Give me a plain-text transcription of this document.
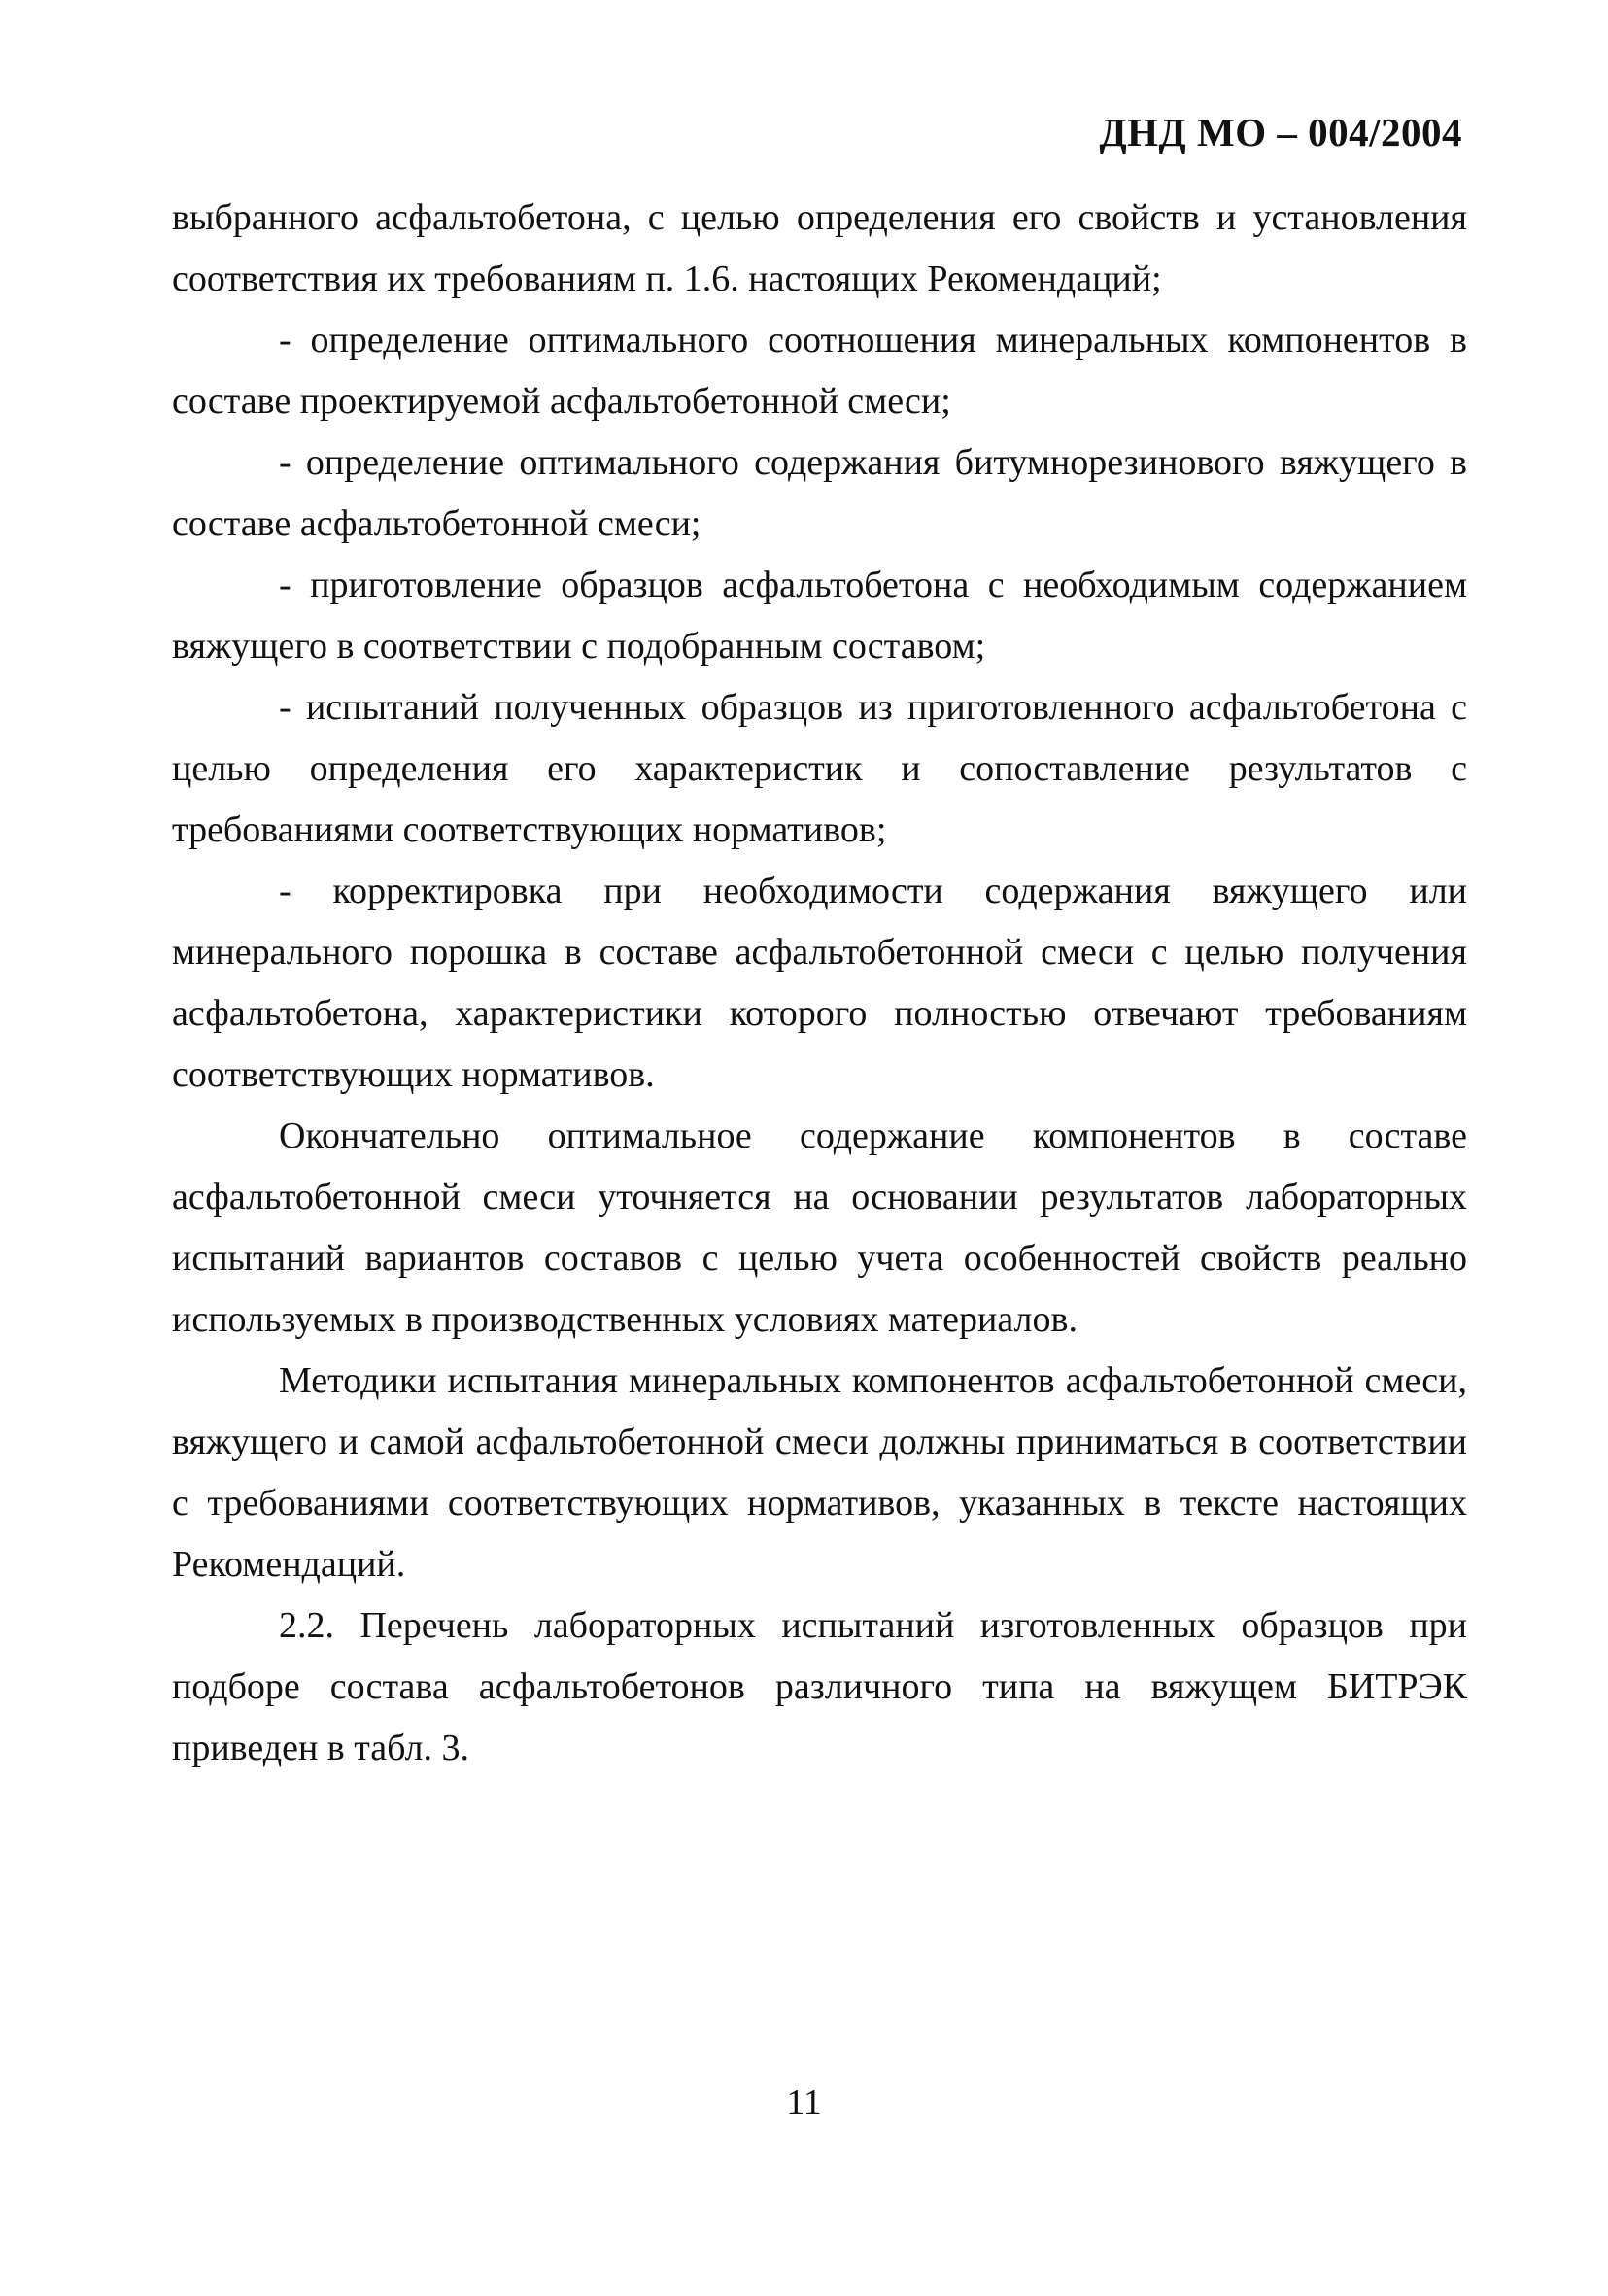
ДНД МО – 004/2004

выбранного асфальтобетона, с целью определения его свойств и установления соответствия их требованиям п. 1.6. настоящих Рекомендаций;

- определение оптимального соотношения минеральных компонентов в составе проектируемой асфальтобетонной смеси;

- определение оптимального содержания битумнорезинового вяжущего в составе асфальтобетонной смеси;

- приготовление образцов асфальтобетона с необходимым содержанием вяжущего в соответствии с подобранным составом;

- испытаний полученных образцов из приготовленного асфальтобетона с целью определения его характеристик и сопоставление результатов с требованиями соответствующих нормативов;

- корректировка при необходимости содержания вяжущего или минерального порошка в составе асфальтобетонной смеси с целью получения асфальтобетона, характеристики которого полностью отвечают требованиям соответствующих нормативов.

Окончательно оптимальное содержание компонентов в составе асфальтобетонной смеси уточняется на основании результатов лабораторных испытаний вариантов составов с целью учета особенностей свойств реально используемых в производственных условиях материалов.

Методики испытания минеральных компонентов асфальтобетонной смеси, вяжущего и самой асфальтобетонной смеси должны приниматься в соответствии с требованиями соответствующих нормативов, указанных в тексте настоящих Рекомендаций.

2.2. Перечень лабораторных испытаний изготовленных образцов при подборе состава асфальтобетонов различного типа на вяжущем БИТРЭК приведен в табл. 3.

11
